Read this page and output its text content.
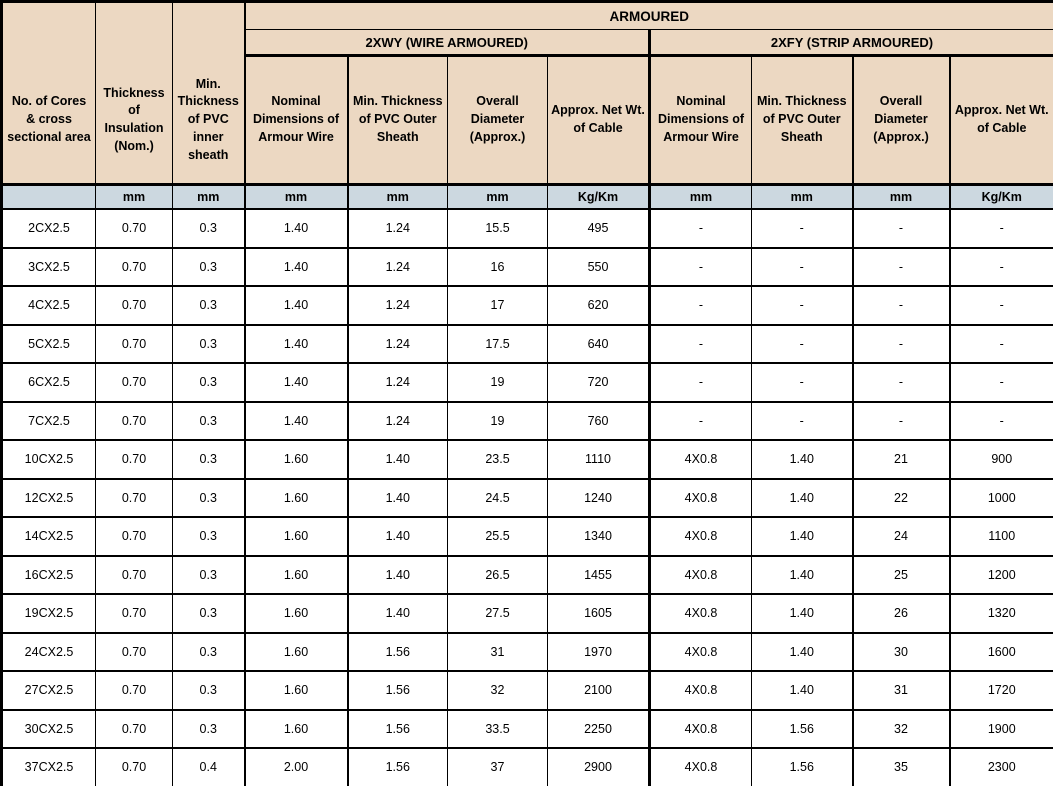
No. of Cores & cross sectional area	Thickness of Insulation (Nom.)	Min. Thickness of PVC inner sheath	ARMOURED							
			2XWY (WIRE ARMOURED)				2XFY (STRIP ARMOURED)			
			Nominal Dimensions of Armour Wire	Min. Thickness of PVC Outer Sheath	Overall Diameter (Approx.)	Approx. Net Wt. of Cable	Nominal Dimensions of Armour Wire	Min. Thickness of PVC Outer Sheath	Overall Diameter (Approx.)	Approx. Net Wt. of Cable
	mm	mm	mm	mm	mm	Kg/Km	mm	mm	mm	Kg/Km
2CX2.5	0.70	0.3	1.40	1.24	15.5	495	-	-	-	-
3CX2.5	0.70	0.3	1.40	1.24	16	550	-	-	-	-
4CX2.5	0.70	0.3	1.40	1.24	17	620	-	-	-	-
5CX2.5	0.70	0.3	1.40	1.24	17.5	640	-	-	-	-
6CX2.5	0.70	0.3	1.40	1.24	19	720	-	-	-	-
7CX2.5	0.70	0.3	1.40	1.24	19	760	-	-	-	-
10CX2.5	0.70	0.3	1.60	1.40	23.5	1110	4X0.8	1.40	21	900
12CX2.5	0.70	0.3	1.60	1.40	24.5	1240	4X0.8	1.40	22	1000
14CX2.5	0.70	0.3	1.60	1.40	25.5	1340	4X0.8	1.40	24	1100
16CX2.5	0.70	0.3	1.60	1.40	26.5	1455	4X0.8	1.40	25	1200
19CX2.5	0.70	0.3	1.60	1.40	27.5	1605	4X0.8	1.40	26	1320
24CX2.5	0.70	0.3	1.60	1.56	31	1970	4X0.8	1.40	30	1600
27CX2.5	0.70	0.3	1.60	1.56	32	2100	4X0.8	1.40	31	1720
30CX2.5	0.70	0.3	1.60	1.56	33.5	2250	4X0.8	1.56	32	1900
37CX2.5	0.70	0.4	2.00	1.56	37	2900	4X0.8	1.56	35	2300
